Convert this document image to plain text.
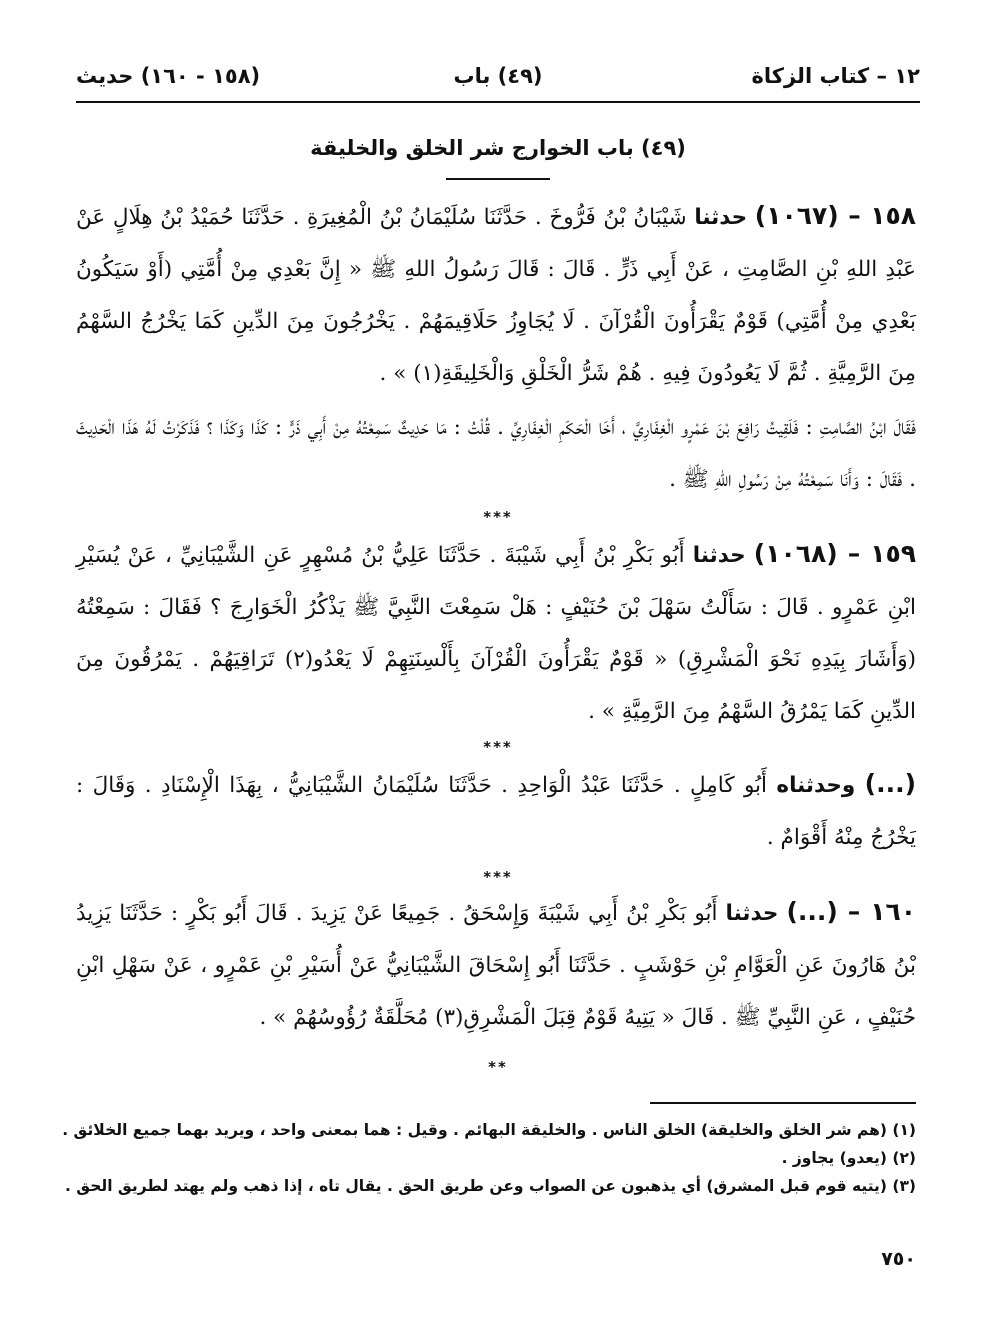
١٢ – كتاب الزكاة
(٤٩) باب
(١٥٨ - ١٦٠) حديث
(٤٩) باب الخوارج شر الخلق والخليقة
١٥٨ – (١٠٦٧) حدثنا شَيْبَانُ بْنُ فَرُّوخَ . حَدَّثَنَا سُلَيْمَانُ بْنُ الْمُغِيرَةِ . حَدَّثَنَا حُمَيْدُ بْنُ هِلَالٍ عَنْ عَبْدِ اللهِ بْنِ الصَّامِتِ ، عَنْ أَبِي ذَرٍّ . قَالَ : قَالَ رَسُولُ اللهِ ﷺ « إِنَّ بَعْدِي مِنْ أُمَّتِي (أَوْ سَيَكُونُ بَعْدِي مِنْ أُمَّتِي) قَوْمٌ يَقْرَأُونَ الْقُرْآنَ . لَا يُجَاوِزُ حَلَاقِيمَهُمْ . يَخْرُجُونَ مِنَ الدِّينِ كَمَا يَخْرُجُ السَّهْمُ مِنَ الرَّمِيَّةِ . ثُمَّ لَا يَعُودُونَ فِيهِ . هُمْ شَرُّ الْخَلْقِ وَالْخَلِيقَةِ(١) » .
فَقَالَ ابْنُ الصَّامِتِ : فَلَقِيتُ رَافِعَ بْنَ عَمْرٍو الْغِفَارِيَّ ، أَخَا الْحَكَمِ الْغِفَارِيِّ . قُلْتُ : مَا حَدِيثٌ سَمِعْتُهُ مِنْ أَبِي ذَرٍّ : كَذَا وَكَذَا ؟ فَذَكَرْتُ لَهُ هَذَا الْحَدِيثَ . فَقَالَ : وَأَنَا سَمِعْتُهُ مِنْ رَسُولِ اللهِ ﷺ .
***
١٥٩ – (١٠٦٨) حدثنا أَبُو بَكْرِ بْنُ أَبِي شَيْبَةَ . حَدَّثَنَا عَلِيُّ بْنُ مُسْهِرٍ عَنِ الشَّيْبَانِيِّ ، عَنْ يُسَيْرِ ابْنِ عَمْرٍو . قَالَ : سَأَلْتُ سَهْلَ بْنَ حُنَيْفٍ : هَلْ سَمِعْتَ النَّبِيَّ ﷺ يَذْكُرُ الْخَوَارِجَ ؟ فَقَالَ : سَمِعْتُهُ (وَأَشَارَ بِيَدِهِ نَحْوَ الْمَشْرِقِ) « قَوْمٌ يَقْرَأُونَ الْقُرْآنَ بِأَلْسِنَتِهِمْ لَا يَعْدُو(٢) تَرَاقِيَهُمْ . يَمْرُقُونَ مِنَ الدِّينِ كَمَا يَمْرُقُ السَّهْمُ مِنَ الرَّمِيَّةِ » .
***
(...) وحدثناه أَبُو كَامِلٍ . حَدَّثَنَا عَبْدُ الْوَاحِدِ . حَدَّثَنَا سُلَيْمَانُ الشَّيْبَانِيُّ ، بِهَذَا الْإِسْنَادِ . وَقَالَ : يَخْرُجُ مِنْهُ أَقْوَامٌ .
***
١٦٠ – (...) حدثنا أَبُو بَكْرِ بْنُ أَبِي شَيْبَةَ وَإِسْحَقُ . جَمِيعًا عَنْ يَزِيدَ . قَالَ أَبُو بَكْرٍ : حَدَّثَنَا يَزِيدُ بْنُ هَارُونَ عَنِ الْعَوَّامِ بْنِ حَوْشَبٍ . حَدَّثَنَا أَبُو إِسْحَاقَ الشَّيْبَانِيُّ عَنْ أُسَيْرِ بْنِ عَمْرٍو ، عَنْ سَهْلِ ابْنِ حُنَيْفٍ ، عَنِ النَّبِيِّ ﷺ . قَالَ « يَتِيهُ قَوْمٌ قِبَلَ الْمَشْرِقِ(٣) مُحَلَّقَةٌ رُؤُوسُهُمْ » .
**
(١) (هم شر الخلق والخليقة) الخلق الناس . والخليقة البهائم . وقيل : هما بمعنى واحد ، ويريد بهما جميع الخلائق .
(٢) (يعدو) يجاوز .
(٣) (يتيه قوم قبل المشرق) أي يذهبون عن الصواب وعن طريق الحق . يقال تاه ، إذا ذهب ولم يهتد لطريق الحق .
٧٥٠
